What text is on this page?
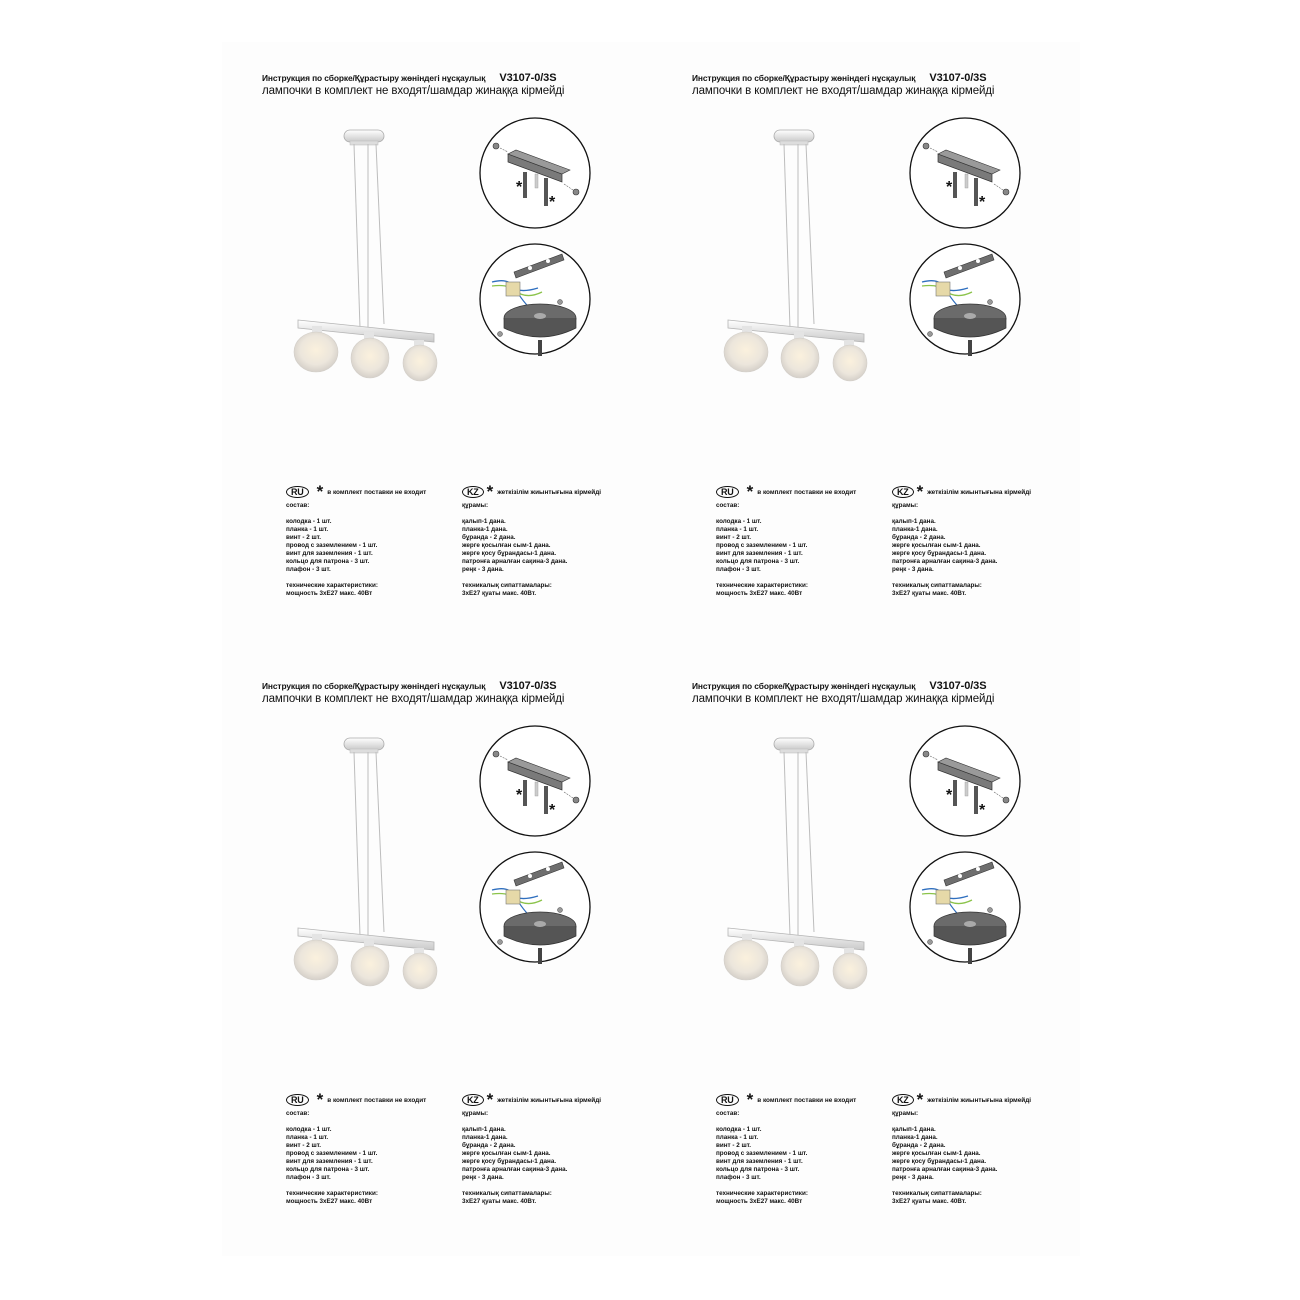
Инструкция по сборке/Құрастыру жөніндегі нұсқаулық V3107-0/3S
лампочки в комплект не входят/шамдар жинаққа кірмейді
*
*
RU * в комплект поставки не входит	KZ * жеткізілім жиынтығына кірмейді
состав:
колодка - 1 шт.
планка - 1 шт.
винт - 2 шт.
провод с заземлением - 1 шт.
винт для заземления - 1 шт.
кольцо для патрона - 3 шт.
плафон - 3 шт.
технические характеристики:
мощность 3хЕ27 макс. 40Вт
құрамы:
қалып-1 дана.
планка-1 дана.
бұранда - 2 дана.
жерге қосылған сым-1 дана.
жерге қосу бұрандасы-1 дана.
патронға арналған сақина-3 дана.
реңк - 3 дана.
техникалық сипаттамалары:
3хЕ27 қуаты макс. 40Вт.
Инструкция по сборке/Құрастыру жөніндегі нұсқаулық V3107-0/3S
лампочки в комплект не входят/шамдар жинаққа кірмейді
*
*
RU * в комплект поставки не входит	KZ * жеткізілім жиынтығына кірмейді
состав:
колодка - 1 шт.
планка - 1 шт.
винт - 2 шт.
провод с заземлением - 1 шт.
винт для заземления - 1 шт.
кольцо для патрона - 3 шт.
плафон - 3 шт.
технические характеристики:
мощность 3хЕ27 макс. 40Вт
құрамы:
қалып-1 дана.
планка-1 дана.
бұранда - 2 дана.
жерге қосылған сым-1 дана.
жерге қосу бұрандасы-1 дана.
патронға арналған сақина-3 дана.
реңк - 3 дана.
техникалық сипаттамалары:
3хЕ27 қуаты макс. 40Вт.
Инструкция по сборке/Құрастыру жөніндегі нұсқаулық V3107-0/3S
лампочки в комплект не входят/шамдар жинаққа кірмейді
*
*
RU * в комплект поставки не входит	KZ * жеткізілім жиынтығына кірмейді
состав:
колодка - 1 шт.
планка - 1 шт.
винт - 2 шт.
провод с заземлением - 1 шт.
винт для заземления - 1 шт.
кольцо для патрона - 3 шт.
плафон - 3 шт.
технические характеристики:
мощность 3хЕ27 макс. 40Вт
құрамы:
қалып-1 дана.
планка-1 дана.
бұранда - 2 дана.
жерге қосылған сым-1 дана.
жерге қосу бұрандасы-1 дана.
патронға арналған сақина-3 дана.
реңк - 3 дана.
техникалық сипаттамалары:
3хЕ27 қуаты макс. 40Вт.
Инструкция по сборке/Құрастыру жөніндегі нұсқаулық V3107-0/3S
лампочки в комплект не входят/шамдар жинаққа кірмейді
*
*
RU * в комплект поставки не входит	KZ * жеткізілім жиынтығына кірмейді
состав:
колодка - 1 шт.
планка - 1 шт.
винт - 2 шт.
провод с заземлением - 1 шт.
винт для заземления - 1 шт.
кольцо для патрона - 3 шт.
плафон - 3 шт.
технические характеристики:
мощность 3хЕ27 макс. 40Вт
құрамы:
қалып-1 дана.
планка-1 дана.
бұранда - 2 дана.
жерге қосылған сым-1 дана.
жерге қосу бұрандасы-1 дана.
патронға арналған сақина-3 дана.
реңк - 3 дана.
техникалық сипаттамалары:
3хЕ27 қуаты макс. 40Вт.
